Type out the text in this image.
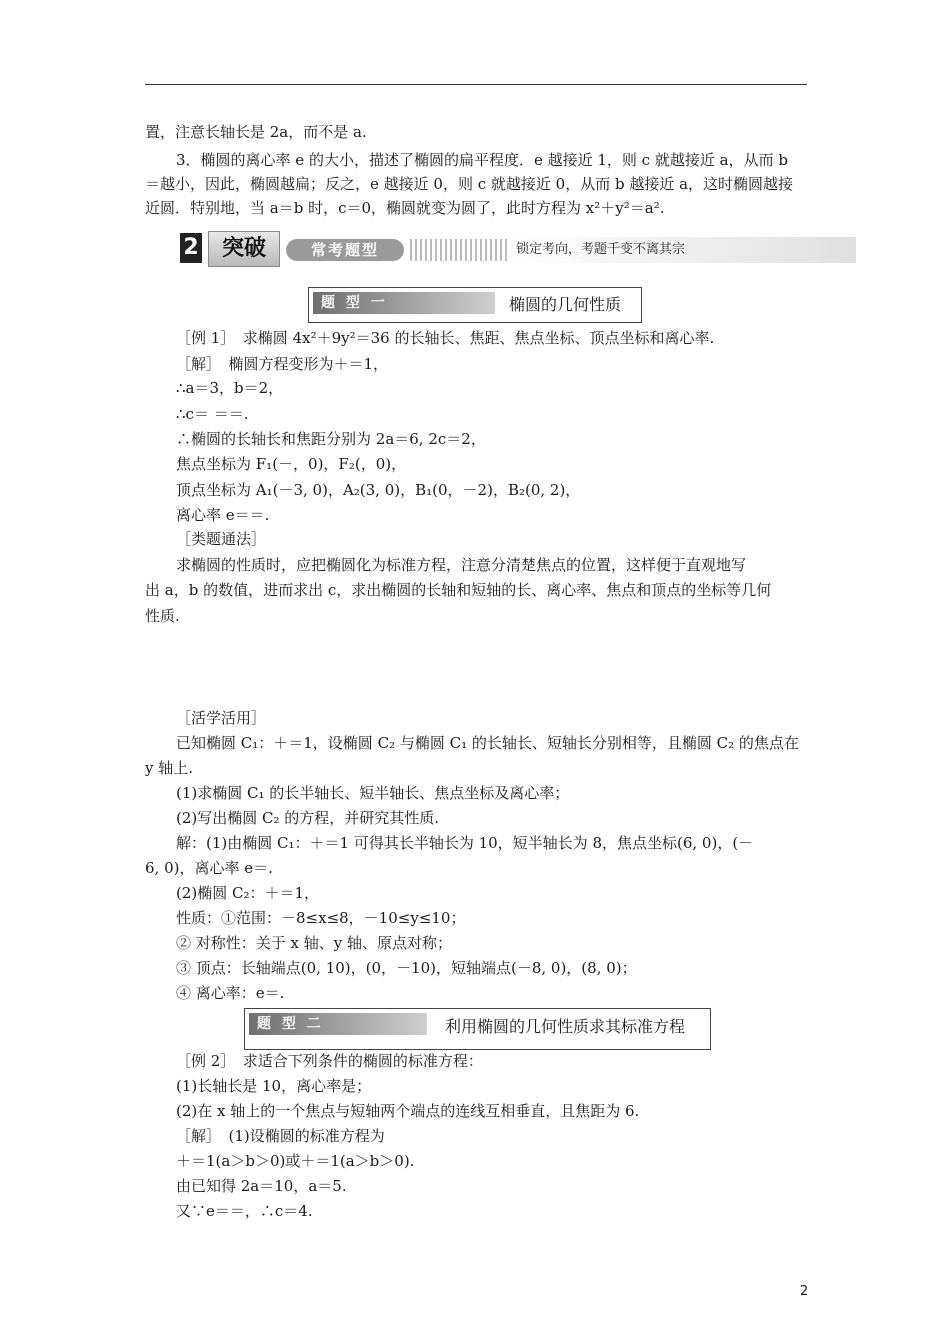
置，注意长轴长是 2a，而不是 a.
3．椭圆的离心率 e 的大小，描述了椭圆的扁平程度．e 越接近 1，则 c 就越接近 a，从而 b
＝越小，因此，椭圆越扁；反之，e 越接近 0，则 c 就越接近 0，从而 b 越接近 a，这时椭圆越接
近圆．特别地，当 a＝b 时，c＝0，椭圆就变为圆了，此时方程为 x²＋y²＝a².
2	突破	常考题型	锁定考向，考题千变不离其宗
题 型 一	椭圆的几何性质
［例 1］　求椭圆 4x²＋9y²＝36 的长轴长、焦距、焦点坐标、顶点坐标和离心率.
［解］　椭圆方程变形为＋＝1，
∴a＝3，b＝2，
∴c＝ ＝＝.
∴椭圆的长轴长和焦距分别为 2a＝6, 2c＝2，
焦点坐标为 F₁(－，0)，F₂(，0)，
顶点坐标为 A₁(－3, 0)，A₂(3, 0)，B₁(0，－2)，B₂(0, 2)，
离心率 e＝＝.
［类题通法］
求椭圆的性质时，应把椭圆化为标准方程，注意分清楚焦点的位置，这样便于直观地写
出 a，b 的数值，进而求出 c，求出椭圆的长轴和短轴的长、离心率、焦点和顶点的坐标等几何
性质.
［活学活用］
已知椭圆 C₁：＋＝1，设椭圆 C₂ 与椭圆 C₁ 的长轴长、短轴长分别相等，且椭圆 C₂ 的焦点在
y 轴上.
(1)求椭圆 C₁ 的长半轴长、短半轴长、焦点坐标及离心率；
(2)写出椭圆 C₂ 的方程，并研究其性质.
解：(1)由椭圆 C₁：＋＝1 可得其长半轴长为 10，短半轴长为 8，焦点坐标(6, 0)，(－
6, 0)，离心率 e＝.
(2)椭圆 C₂：＋＝1，
性质：①范围：－8≤x≤8，－10≤y≤10；
② 对称性：关于 x 轴、y 轴、原点对称；
③ 顶点：长轴端点(0, 10)，(0，－10)，短轴端点(－8, 0)，(8, 0)；
④ 离心率：e＝.
题 型 二	利用椭圆的几何性质求其标准方程
［例 2］　求适合下列条件的椭圆的标准方程：
(1)长轴长是 10，离心率是；
(2)在 x 轴上的一个焦点与短轴两个端点的连线互相垂直，且焦距为 6.
［解］　(1)设椭圆的标准方程为
＋＝1(a＞b＞0)或＋＝1(a＞b＞0).
由已知得 2a＝10，a＝5.
又∵e＝＝，∴c＝4.
2
